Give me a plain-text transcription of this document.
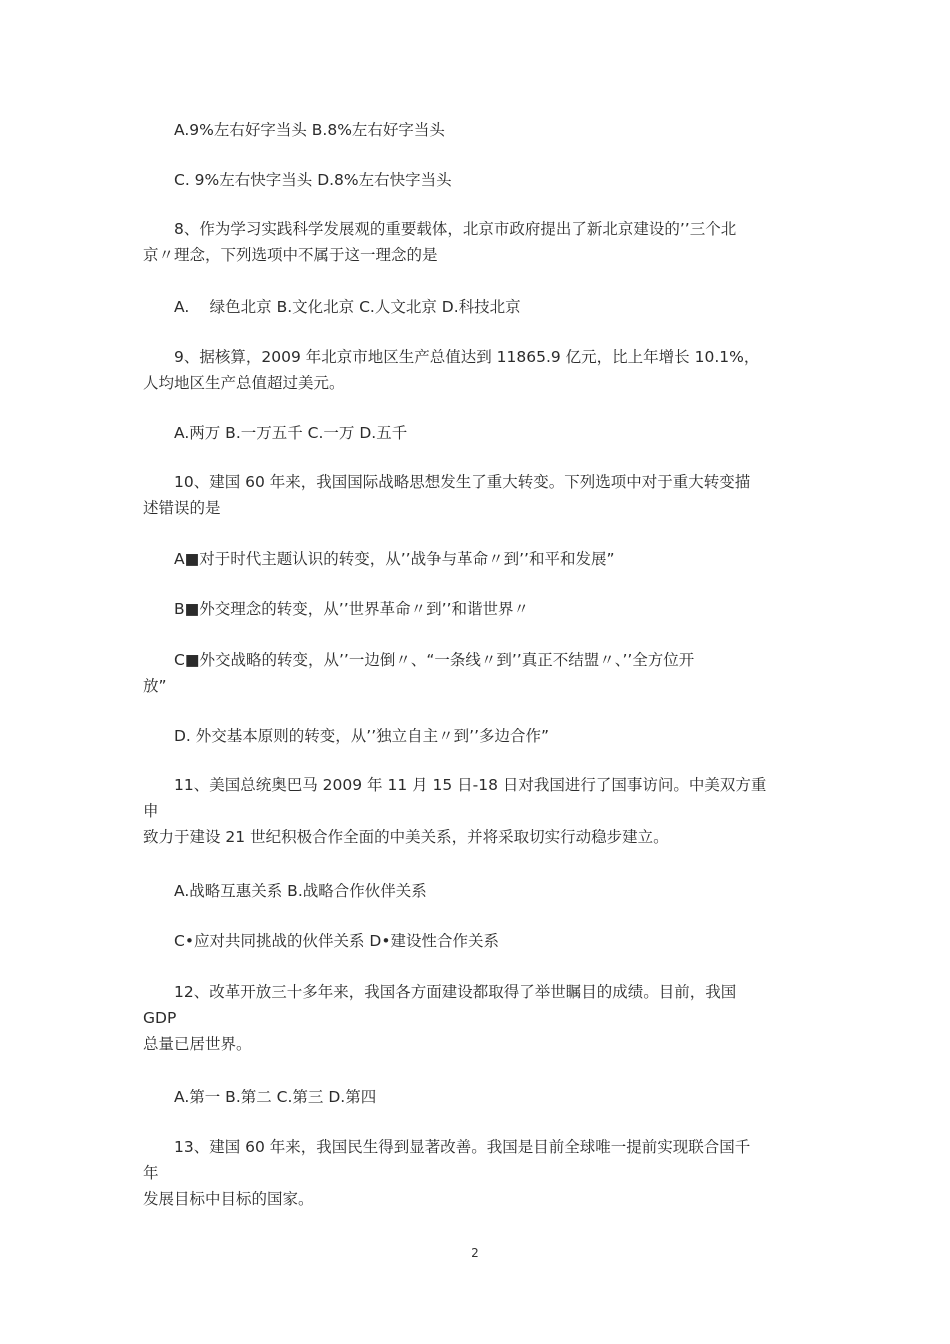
　　A.9%左右好字当头 B.8%左右好字当头
　　C. 9%左右快字当头 D.8%左右快字当头
　　8、作为学习实践科学发展观的重要载体，北京市政府提出了新北京建设的’’三个北
京〃理念，下列选项中不属于这一理念的是
　　A.　 绿色北京 B.文化北京 C.人文北京 D.科技北京
　　9、据核算，2009 年北京市地区生产总值达到 11865.9 亿元，比上年增长 10.1%，
人均地区生产总值超过美元。
　　A.两万 B.一万五千 C.一万 D.五千
　　10、建国 60 年来，我国国际战略思想发生了重大转变。下列选项中对于重大转变描
述错误的是
　　A■对于时代主题认识的转变，从’’战争与革命〃到’’和平和发展”
　　B■外交理念的转变，从’’世界革命〃到’’和谐世界〃
　　C■外交战略的转变，从’’一边倒〃、“一条线〃到’’真正不结盟〃、’’全方位开
放”
　　D. 外交基本原则的转变，从’’独立自主〃到’’多边合作”
　　11、美国总统奥巴马 2009 年 11 月 15 日-18 日对我国进行了国事访问。中美双方重
申
致力于建设 21 世纪积极合作全面的中美关系，并将采取切实行动稳步建立。
　　A.战略互惠关系 B.战略合作伙伴关系
　　C•应对共同挑战的伙伴关系 D•建设性合作关系
　　12、改革开放三十多年来，我国各方面建设都取得了举世瞩目的成绩。目前，我国
GDP
总量已居世界。
　　A.第一 B.第二 C.第三 D.第四
　　13、建国 60 年来，我国民生得到显著改善。我国是目前全球唯一提前实现联合国千
年
发展目标中目标的国家。
2
